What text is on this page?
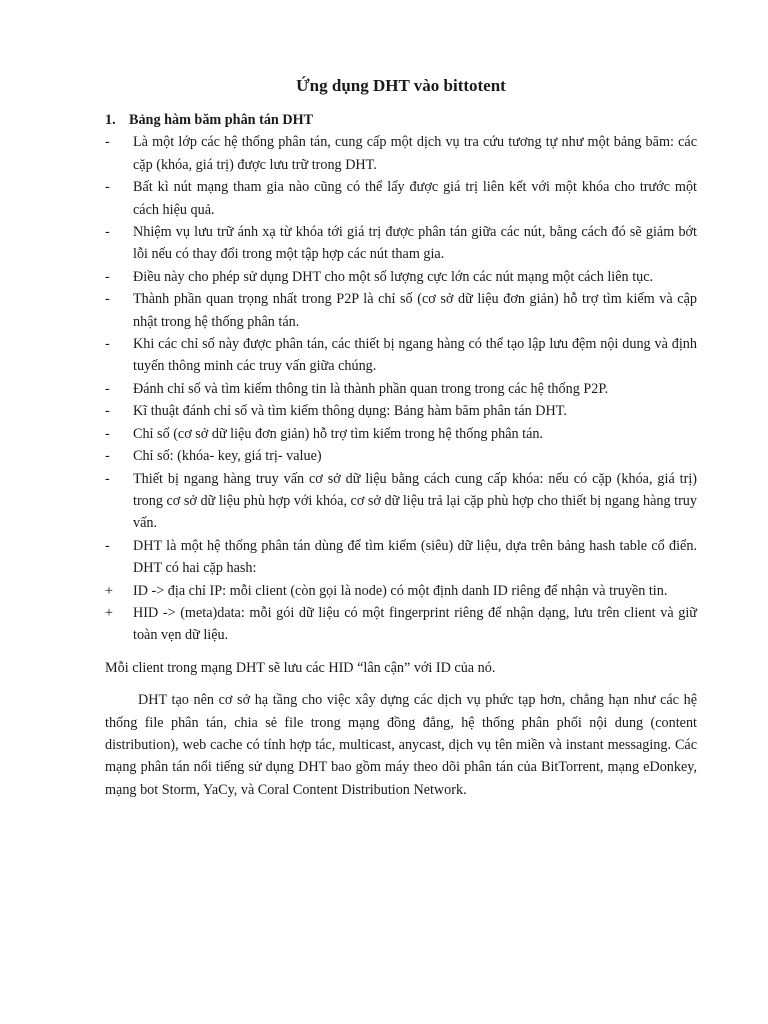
Ứng dụng DHT vào bittotent
1. Bảng hàm băm phân tán DHT
-	Là một lớp các hệ thống phân tán, cung cấp một dịch vụ tra cứu tương tự như một bảng băm: các cặp (khóa, giá trị) được lưu trữ trong DHT.
-	Bất kì nút mạng tham gia nào cũng có thể lấy được giá trị liên kết với một khóa cho trước một cách hiệu quả.
-	Nhiệm vụ lưu trữ ánh xạ từ khóa tới giá trị được phân tán giữa các nút, bằng cách đó sẽ giảm bớt lỗi nếu có thay đổi trong một tập hợp các nút tham gia.
-	Điều này cho phép sử dụng DHT cho một số lượng cực lớn các nút mạng một cách liên tục.
-	Thành phần quan trọng nhất trong P2P là chỉ số (cơ sở dữ liệu đơn giản) hỗ trợ tìm kiếm và cập nhật trong hệ thống phân tán.
-	Khi các chỉ số này được phân tán, các thiết bị ngang hàng có thể tạo lập lưu đệm nội dung và định tuyến thông minh các truy vấn giữa chúng.
-	Đánh chỉ số và tìm kiếm thông tin là thành phần quan trong trong các hệ thống P2P.
-	Kĩ thuật đánh chỉ số và tìm kiếm thông dụng: Bảng hàm băm phân tán DHT.
-	Chỉ số (cơ sở dữ liệu đơn giản) hỗ trợ tìm kiếm trong hệ thống phân tán.
-	Chỉ số: (khóa- key, giá trị- value)
-	Thiết bị ngang hàng truy vấn cơ sở dữ liệu bằng cách cung cấp khóa: nếu có cặp (khóa, giá trị) trong cơ sở dữ liệu phù hợp với khóa, cơ sở dữ liệu trả lại cặp phù hợp cho thiết bị ngang hàng truy vấn.
-	DHT là một hệ thống phân tán dùng để tìm kiếm (siêu) dữ liệu, dựa trên bảng hash table cổ điển. DHT có hai cặp hash:
+	ID -> địa chỉ IP: mỗi client (còn gọi là node) có một định danh ID riêng để nhận và truyền tin.
+	HID -> (meta)data: mỗi gói dữ liệu có một fingerprint riêng để nhận dạng, lưu trên client và giữ toàn vẹn dữ liệu.
Mỗi client trong mạng DHT sẽ lưu các HID “lân cận” với ID của nó.
DHT tạo nên cơ sở hạ tầng cho việc xây dựng các dịch vụ phức tạp hơn, chẳng hạn như các hệ thống file phân tán, chia sẻ file trong mạng đồng đẳng, hệ thống phân phối nội dung (content distribution), web cache có tính hợp tác, multicast, anycast, dịch vụ tên miền và instant messaging. Các mạng phân tán nổi tiếng sử dụng DHT bao gồm máy theo dõi phân tán của BitTorrent, mạng eDonkey, mạng bot Storm, YaCy, và Coral Content Distribution Network.
